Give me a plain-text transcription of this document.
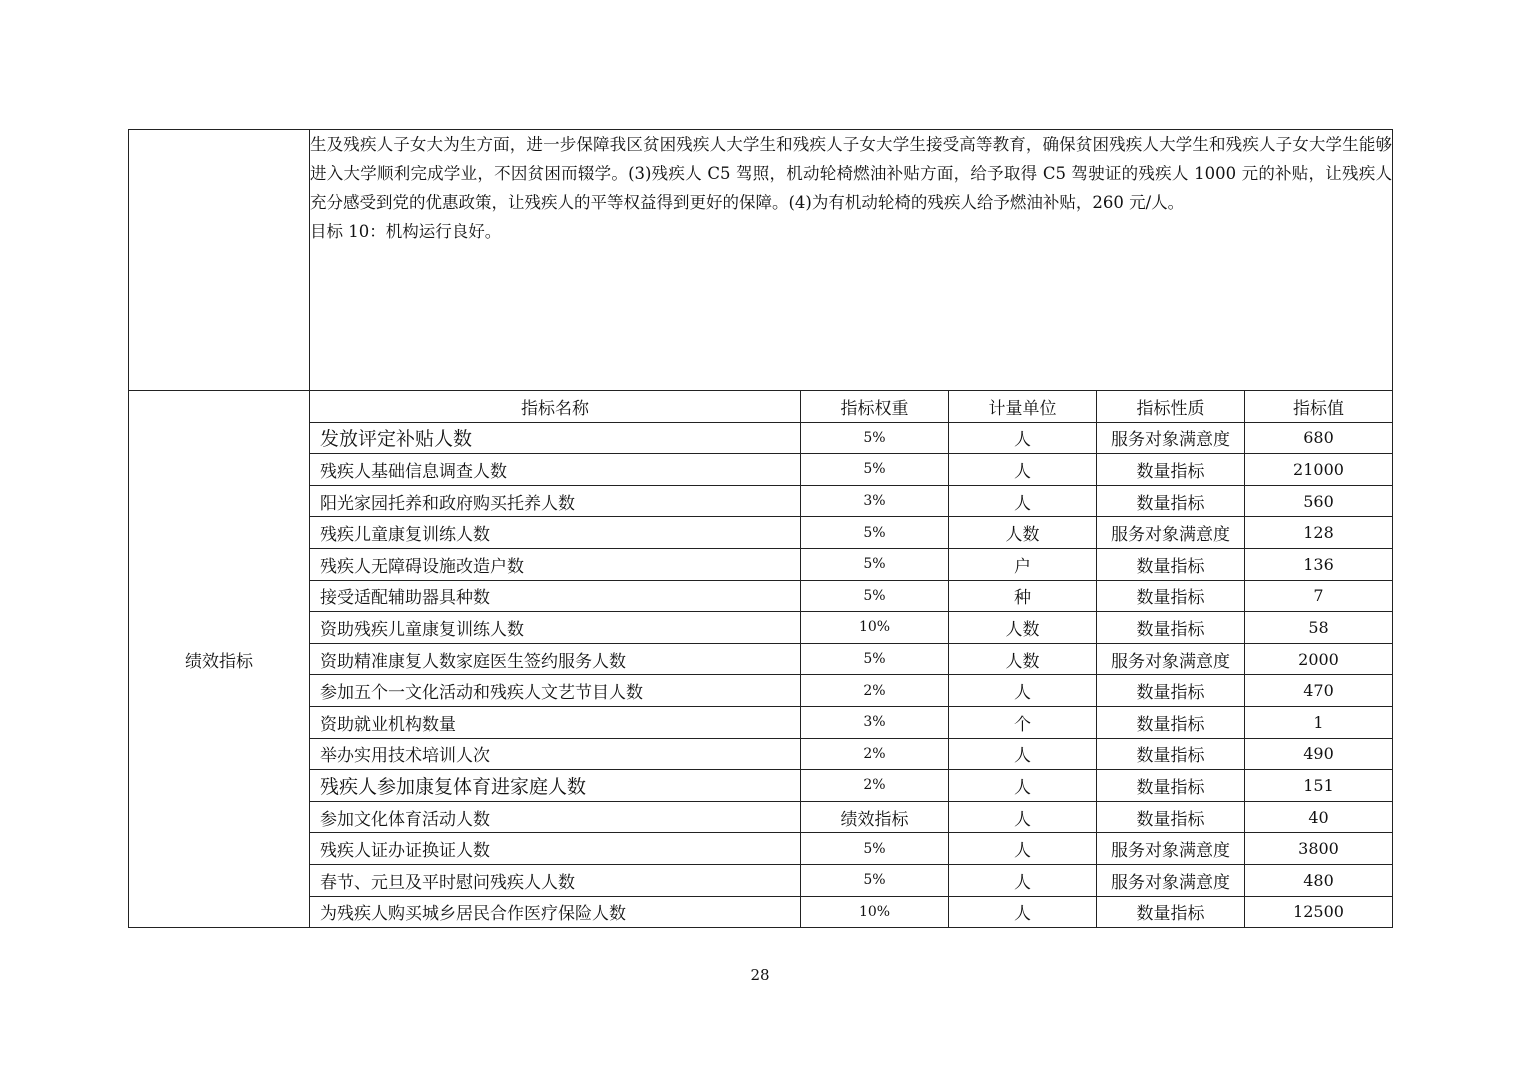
	生及残疾人子女大为生方面，进一步保障我区贫困残疾人大学生和残疾人子女大学生接受高等教育，确保贫困残疾人大学生和残疾人子女大学生能够进入大学顺利完成学业，不因贫困而辍学。(3)残疾人 C5 驾照，机动轮椅燃油补贴方面，给予取得 C5 驾驶证的残疾人 1000 元的补贴，让残疾人充分感受到党的优惠政策，让残疾人的平等权益得到更好的保障。(4)为有机动轮椅的残疾人给予燃油补贴，260 元/人。

目标 10：机构运行良好。				

绩效指标	指标名称	指标权重	计量单位	指标性质	指标值
	发放评定补贴人数	5%	人	服务对象满意度	680
	残疾人基础信息调查人数	5%	人	数量指标	21000
	阳光家园托养和政府购买托养人数	3%	人	数量指标	560
	残疾儿童康复训练人数	5%	人数	服务对象满意度	128
	残疾人无障碍设施改造户数	5%	户	数量指标	136
	接受适配辅助器具种数	5%	种	数量指标	7
	资助残疾儿童康复训练人数	10%	人数	数量指标	58
	资助精准康复人数家庭医生签约服务人数	5%	人数	服务对象满意度	2000
	参加五个一文化活动和残疾人文艺节目人数	2%	人	数量指标	470
	资助就业机构数量	3%	个	数量指标	1
	举办实用技术培训人次	2%	人	数量指标	490
	残疾人参加康复体育进家庭人数	2%	人	数量指标	151
	参加文化体育活动人数	绩效指标	人	数量指标	40
	残疾人证办证换证人数	5%	人	服务对象满意度	3800
	春节、元旦及平时慰问残疾人人数	5%	人	服务对象满意度	480
	为残疾人购买城乡居民合作医疗保险人数	10%	人	数量指标	12500
28
